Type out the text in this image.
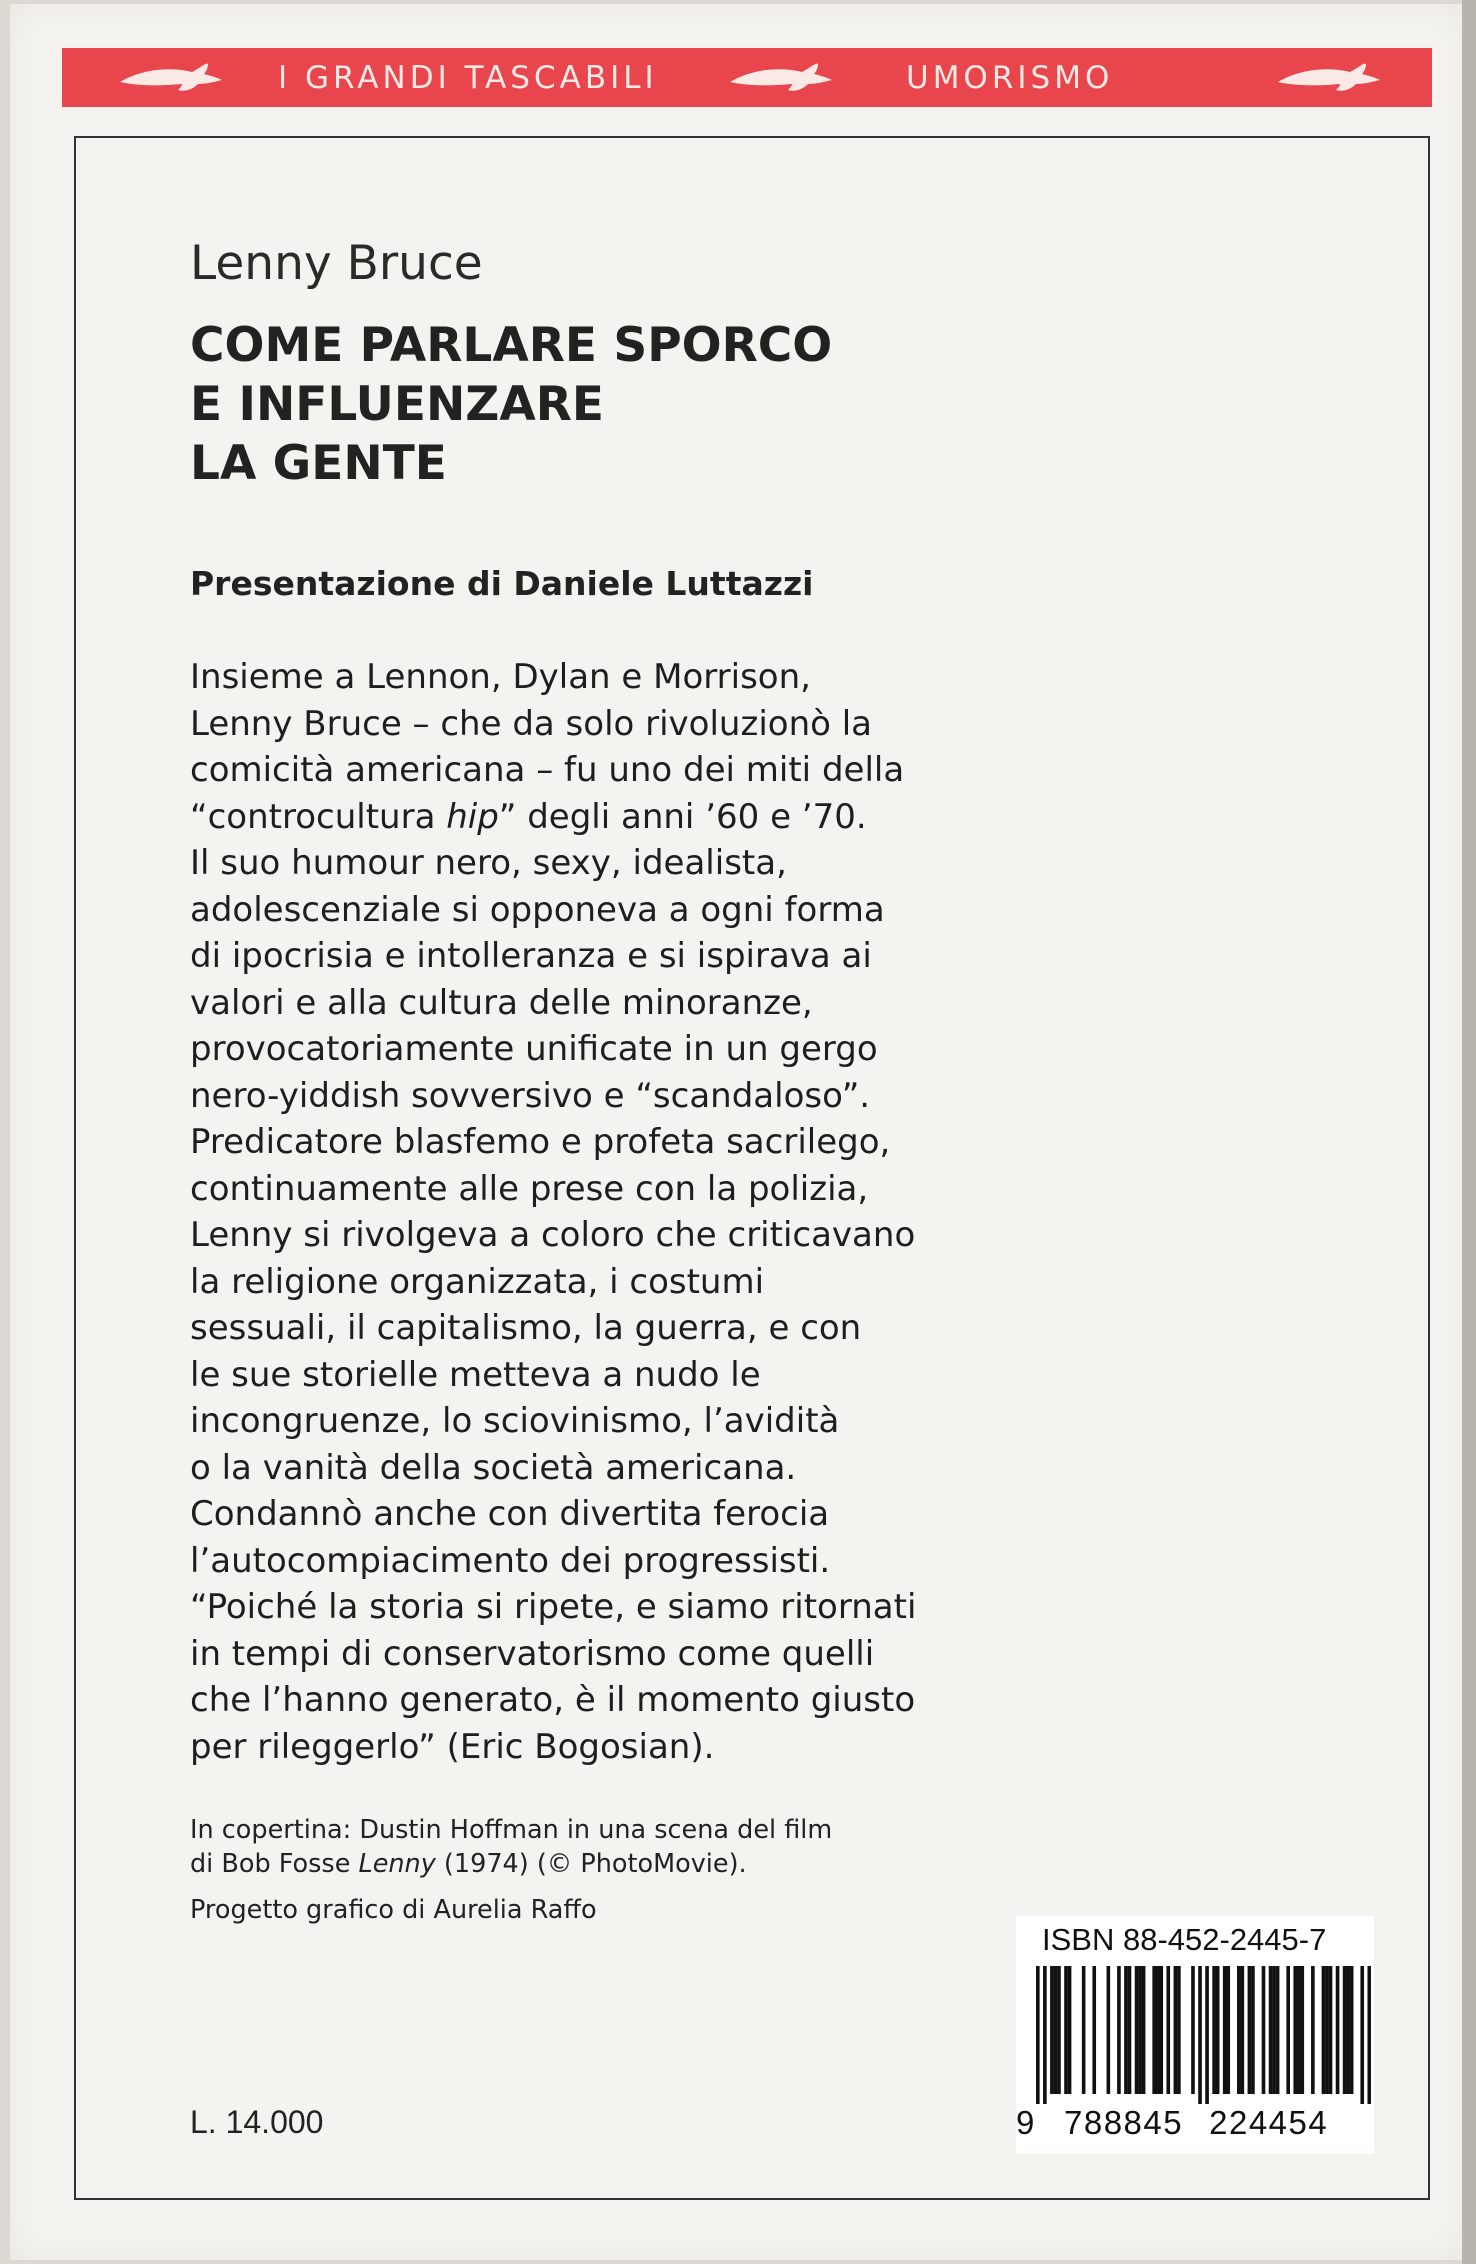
I GRANDI TASCABILI	UMORISMO
Lenny Bruce
COME PARLARE SPORCO
E INFLUENZARE
LA GENTE
Presentazione di Daniele Luttazzi

Insieme a Lennon, Dylan e Morrison,
Lenny Bruce – che da solo rivoluzionò la
comicità americana – fu uno dei miti della
“controcultura hip” degli anni ’60 e ’70.
Il suo humour nero, sexy, idealista,
adolescenziale si opponeva a ogni forma
di ipocrisia e intolleranza e si ispirava ai
valori e alla cultura delle minoranze,
provocatoriamente unificate in un gergo
nero-yiddish sovversivo e “scandaloso”.
Predicatore blasfemo e profeta sacrilego,
continuamente alle prese con la polizia,
Lenny si rivolgeva a coloro che criticavano
la religione organizzata, i costumi
sessuali, il capitalismo, la guerra, e con
le sue storielle metteva a nudo le
incongruenze, lo sciovinismo, l’avidità
o la vanità della società americana.
Condannò anche con divertita ferocia
l’autocompiacimento dei progressisti.
“Poiché la storia si ripete, e siamo ritornati
in tempi di conservatorismo come quelli
che l’hanno generato, è il momento giusto
per rileggerlo” (Eric Bogosian).

In copertina: Dustin Hoffman in una scena del film
di Bob Fosse Lenny (1974) (© PhotoMovie).
Progetto grafico di Aurelia Raffo
L. 14.000
ISBN 88-452-2445-7
9 788845 224454
